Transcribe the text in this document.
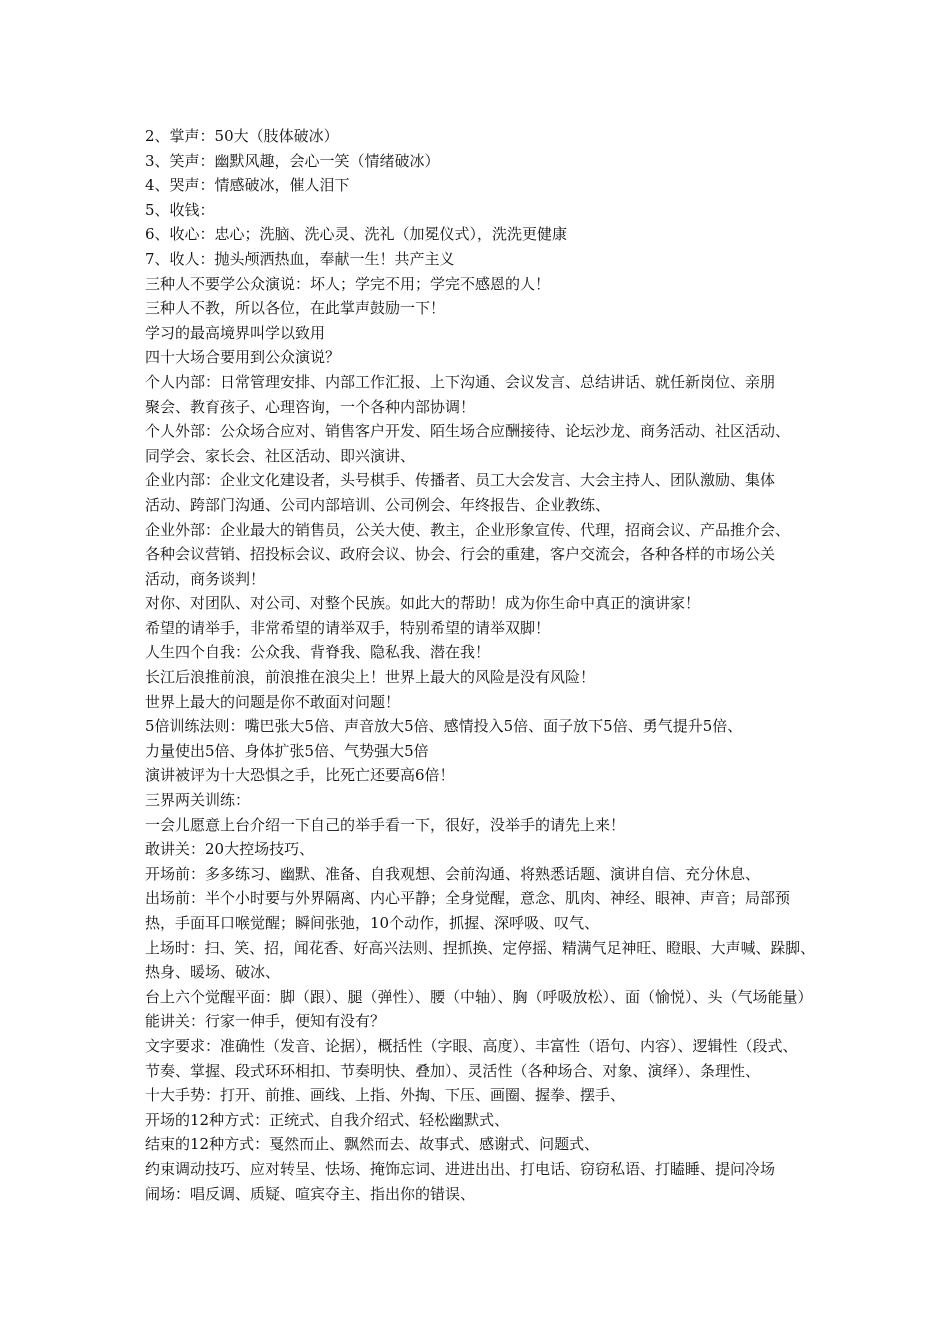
2、掌声：50大（肢体破冰）
3、笑声：幽默风趣，会心一笑（情绪破冰）
4、哭声：情感破冰，催人泪下
5、收钱：
6、收心：忠心；洗脑、洗心灵、洗礼（加冕仪式），洗洗更健康
7、收人：抛头颅洒热血，奉献一生！共产主义
三种人不要学公众演说：坏人；学完不用；学完不感恩的人！
三种人不教，所以各位，在此掌声鼓励一下！
学习的最高境界叫学以致用
四十大场合要用到公众演说？
个人内部：日常管理安排、内部工作汇报、上下沟通、会议发言、总结讲话、就任新岗位、亲朋
聚会、教育孩子、心理咨询，一个各种内部协调！
个人外部：公众场合应对、销售客户开发、陌生场合应酬接待、论坛沙龙、商务活动、社区活动、
同学会、家长会、社区活动、即兴演讲、
企业内部：企业文化建设者，头号棋手、传播者、员工大会发言、大会主持人、团队激励、集体
活动、跨部门沟通、公司内部培训、公司例会、年终报告、企业教练、
企业外部：企业最大的销售员，公关大使、教主，企业形象宣传、代理，招商会议、产品推介会、
各种会议营销、招投标会议、政府会议、协会、行会的重建，客户交流会，各种各样的市场公关
活动，商务谈判！
对你、对团队、对公司、对整个民族。如此大的帮助！成为你生命中真正的演讲家！
希望的请举手，非常希望的请举双手，特别希望的请举双脚！
人生四个自我：公众我、背脊我、隐私我、潜在我！
长江后浪推前浪，前浪推在浪尖上！世界上最大的风险是没有风险！
世界上最大的问题是你不敢面对问题！
5倍训练法则：嘴巴张大5倍、声音放大5倍、感情投入5倍、面子放下5倍、勇气提升5倍、
力量使出5倍、身体扩张5倍、气势强大5倍
演讲被评为十大恐惧之手，比死亡还要高6倍！
三界两关训练：
一会儿愿意上台介绍一下自己的举手看一下，很好，没举手的请先上来！
敢讲关：20大控场技巧、
开场前：多多练习、幽默、准备、自我观想、会前沟通、将熟悉话题、演讲自信、充分休息、
出场前：半个小时要与外界隔离、内心平静；全身觉醒，意念、肌肉、神经、眼神、声音；局部预
热，手面耳口喉觉醒；瞬间张弛，10个动作，抓握、深呼吸、叹气、
上场时：扫、笑、招，闻花香、好高兴法则、捏抓换、定停摇、精满气足神旺、瞪眼、大声喊、跺脚、
热身、暖场、破冰、
台上六个觉醒平面：脚（跟）、腿（弹性）、腰（中轴）、胸（呼吸放松）、面（愉悦）、头（气场能量）
能讲关：行家一伸手，便知有没有？
文字要求：准确性（发音、论据），概括性（字眼、高度）、丰富性（语句、内容）、逻辑性（段式、
节奏、掌握、段式环环相扣、节奏明快、叠加）、灵活性（各种场合、对象、演绎）、条理性、
十大手势：打开、前推、画线、上指、外掏、下压、画圈、握拳、摆手、
开场的12种方式：正统式、自我介绍式、轻松幽默式、
结束的12种方式：戛然而止、飘然而去、故事式、感谢式、问题式、
约束调动技巧、应对转呈、怯场、掩饰忘词、进进出出、打电话、窃窃私语、打瞌睡、提问冷场
闹场：唱反调、质疑、喧宾夺主、指出你的错误、
